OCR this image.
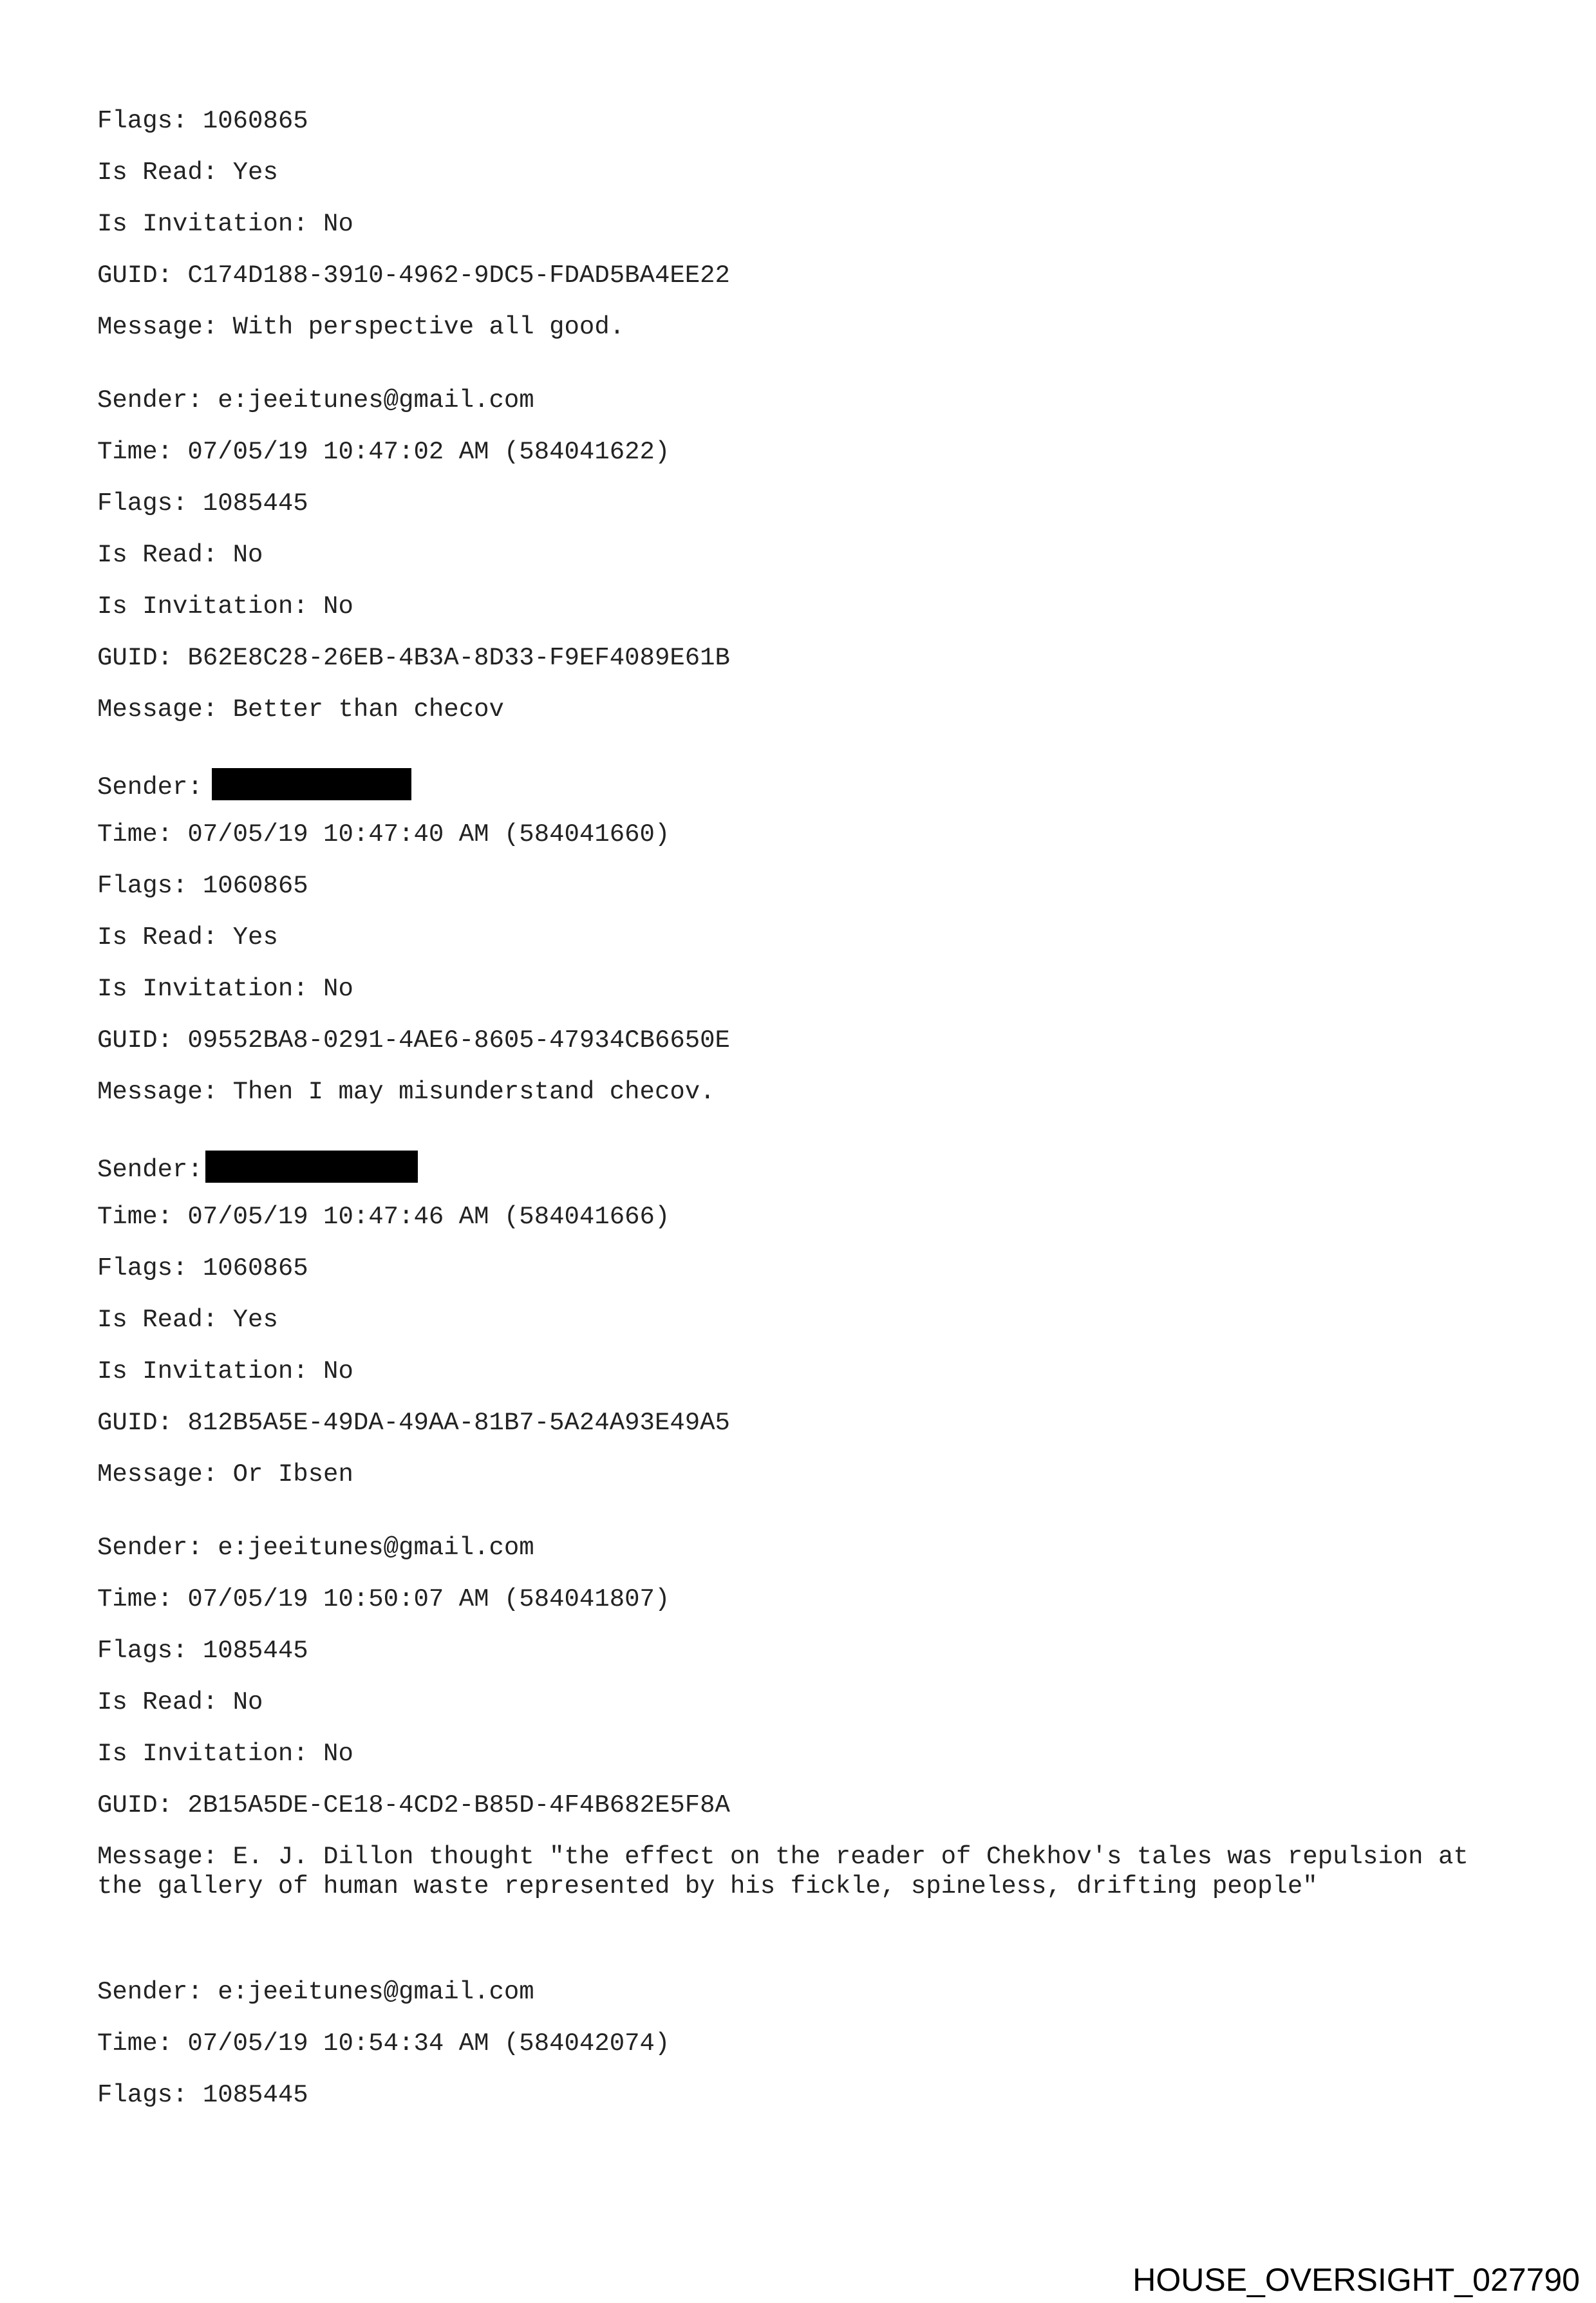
Flags: 1060865
Is Read: Yes
Is Invitation: No
GUID: C174D188-3910-4962-9DC5-FDAD5BA4EE22
Message: With perspective all good.
Sender: e:jeeitunes@gmail.com
Time: 07/05/19 10:47:02 AM (584041622)
Flags: 1085445
Is Read: No
Is Invitation: No
GUID: B62E8C28-26EB-4B3A-8D33-F9EF4089E61B
Message: Better than checov
Sender:
Time: 07/05/19 10:47:40 AM (584041660)
Flags: 1060865
Is Read: Yes
Is Invitation: No
GUID: 09552BA8-0291-4AE6-8605-47934CB6650E
Message: Then I may misunderstand checov.
Sender:
Time: 07/05/19 10:47:46 AM (584041666)
Flags: 1060865
Is Read: Yes
Is Invitation: No
GUID: 812B5A5E-49DA-49AA-81B7-5A24A93E49A5
Message: Or Ibsen
Sender: e:jeeitunes@gmail.com
Time: 07/05/19 10:50:07 AM (584041807)
Flags: 1085445
Is Read: No
Is Invitation: No
GUID: 2B15A5DE-CE18-4CD2-B85D-4F4B682E5F8A
Message: E. J. Dillon thought "the effect on the reader of Chekhov's tales was repulsion at the gallery of human waste represented by his fickle, spineless, drifting people"
Sender: e:jeeitunes@gmail.com
Time: 07/05/19 10:54:34 AM (584042074)
Flags: 1085445
HOUSE_OVERSIGHT_027790
